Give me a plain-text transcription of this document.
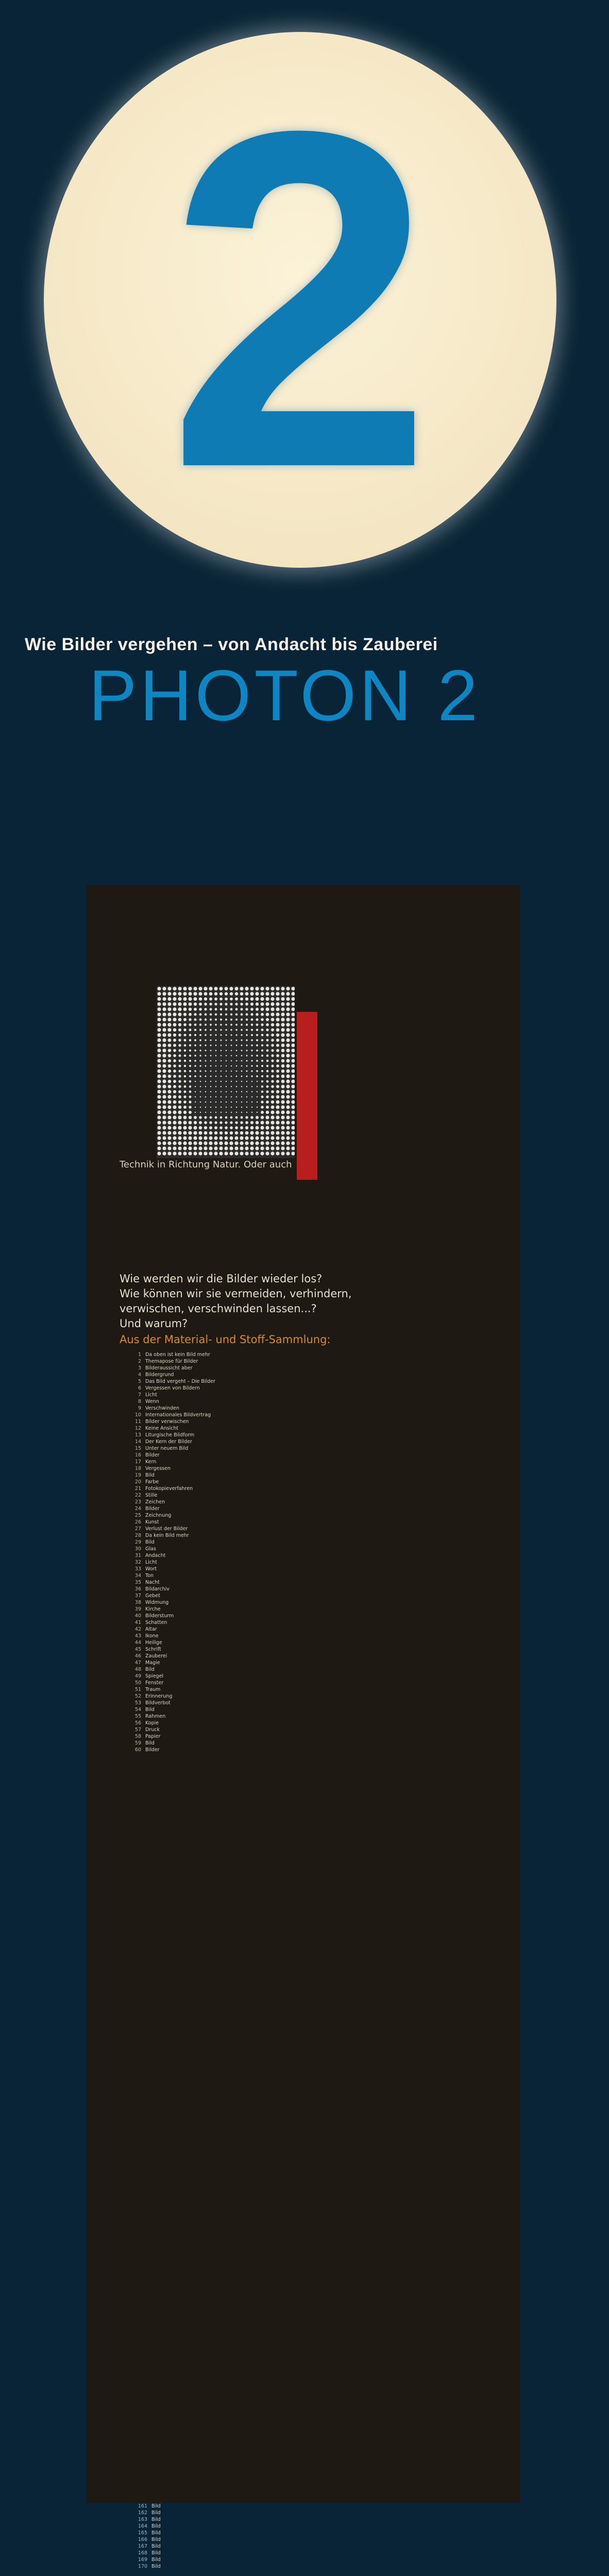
2
Wie Bilder vergehen – von Andacht bis Zauberei
PHOTON 2
Technik in Richtung Natur. Oder auch
Wie werden wir die Bilder wieder los?
Wie können wir sie vermeiden, verhindern,
verwischen, verschwinden lassen...?
Und warum?
Aus der Material- und Stoff-Sammlung:
1 Da oben ist kein Bild mehr
2 Themapose für Bilder
3 Bilderaussicht aber
4 Bildergrund
5 Das Bild vergeht – Die Bilder
6 Vergessen von Bildern
7 Licht
8 Wenn
9 Verschwinden
10 Internationales Bildvertrag
11 Bilder verwischen
12 Keine Ansicht
13 Liturgische Bildform
14 Der Kern der Bilder
15 Unter neuem Bild
16 Bilder
17 Kern
18 Vergessen
19 Bild
20 Farbe
21 Fotokopieverfahren
22 Stille
23 Zeichen
24 Bilder
25 Zeichnung
26 Kunst
27 Verlust der Bilder
28 Da kein Bild mehr
29 Bild
30 Glas
31 Andacht
32 Licht
33 Wort
34 Ton
35 Nacht
36 Bildarchiv
37 Gebet
38 Widmung
39 Kirche
40 Bildersturm
41 Schatten
42 Altar
43 Ikone
44 Heilige
45 Schrift
46 Zauberei
47 Magie
48 Bild
49 Spiegel
50 Fenster
51 Traum
52 Erinnerung
53 Bildverbot
54 Bild
55 Rahmen
56 Kopie
57 Druck
58 Papier
59 Bild
60 Bilder
161 Bild
162 Bild
163 Bild
164 Bild
165 Bild
166 Bild
167 Bild
168 Bild
169 Bild
170 Bild
